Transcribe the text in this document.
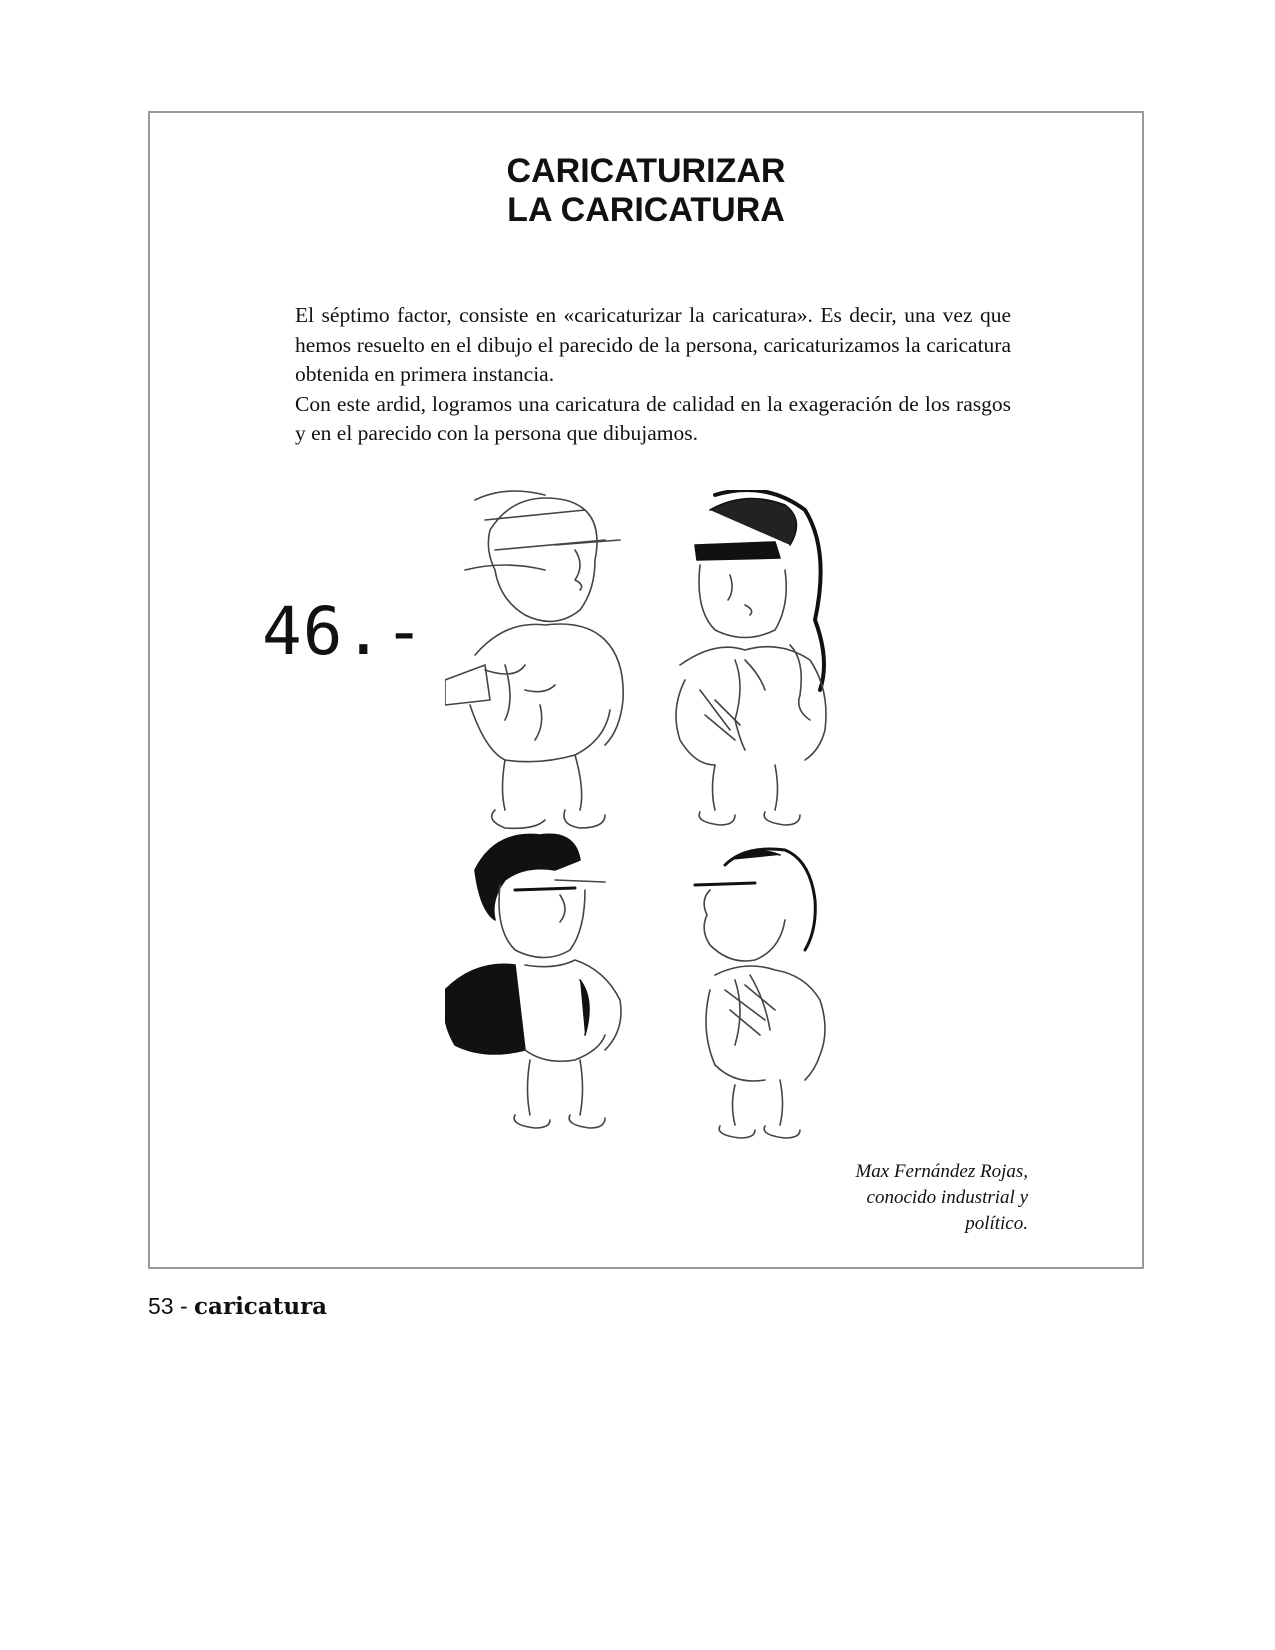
CARICATURIZAR
LA CARICATURA

El séptimo factor, consiste en «caricaturizar la caricatura». Es decir, una vez que hemos resuelto en el dibujo el parecido de la persona, caricaturizamos la caricatura obtenida en primera instancia.

Con este ardid, logramos una caricatura de calidad en la exageración de los rasgos y en el parecido con la persona que dibujamos.

46.-
Max Fernández Rojas,
conocido industrial y
político.
53 - caricatura
